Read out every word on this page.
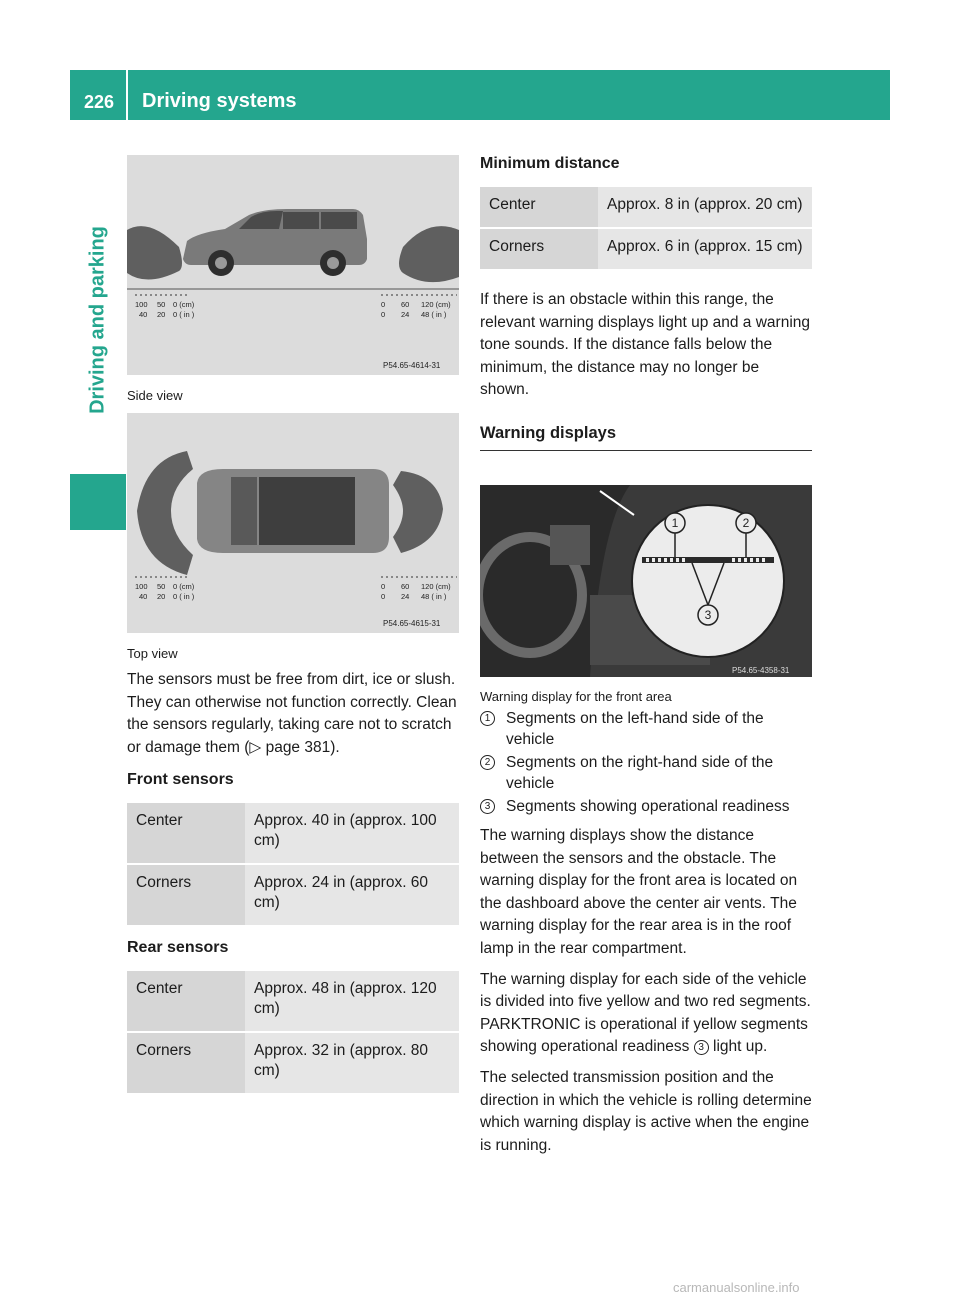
226 Driving systems
Driving and parking	100 50 0 (cm)
40 20 0 ( in )
0 60 120 (cm)
0 24 48 ( in )
P54.65-4614-31
Side view
100 50 0 (cm)
40 20 0 ( in )
0 60 120 (cm)
0 24 48 ( in )
P54.65-4615-31
Top view

The sensors must be free from dirt, ice or slush. They can otherwise not function correctly. Clean the sensors regularly, taking care not to scratch or damage them (▷ page 381).

Front sensors
Center	Approx. 40 in (approx. 100 cm)
Corners	Approx. 24 in (approx. 60 cm)
Rear sensors
Center	Approx. 48 in (approx. 120 cm)
Corners	Approx. 32 in (approx. 80 cm)
Minimum distance
Center	Approx. 8 in (approx. 20 cm)
Corners	Approx. 6 in (approx. 15 cm)

If there is an obstacle within this range, the relevant warning displays light up and a warning tone sounds. If the distance falls below the minimum, the distance may no longer be shown.

Warning displays
1	2
3
P54.65-4358-31
Warning display for the front area
1	Segments on the left-hand side of the vehicle
2	Segments on the right-hand side of the vehicle
3	Segments showing operational readiness

The warning displays show the distance between the sensors and the obstacle. The warning display for the front area is located on the dashboard above the center air vents. The warning display for the rear area is in the roof lamp in the rear compartment.

The warning display for each side of the vehicle is divided into five yellow and two red segments. PARKTRONIC is operational if yellow segments showing operational readiness 3 light up.

The selected transmission position and the direction in which the vehicle is rolling determine which warning display is active when the engine is running.

carmanualsonline.info
